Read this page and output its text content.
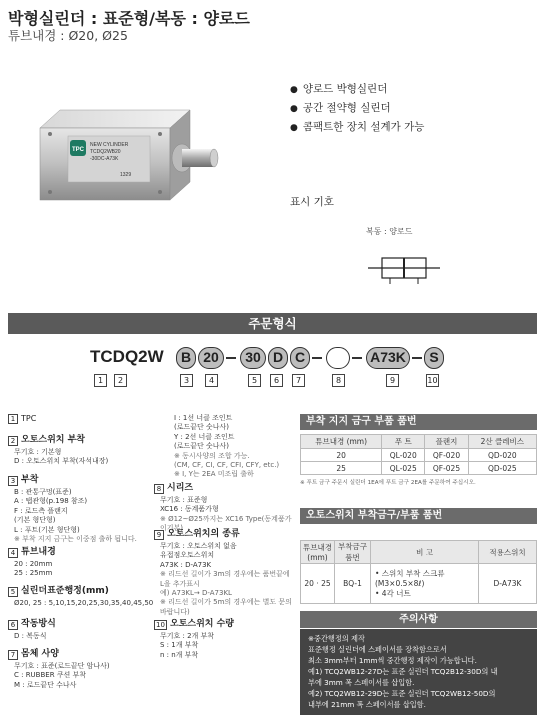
박형실린더 : 표준형/복동 : 양로드
튜브내경 : Ø20, Ø25
TPC
NEW CYLINDER
TCDQ2WB20
-30DC-A73K
1329
● 양로드 박형실린더
● 공간 절약형 실린더
● 콤팩트한 장치 설계가 가능
표시 기호
복동 : 양로드
주문형식
TCDQ2W	B 20	30 D C	A73K	S
1	2	3	4	5	6	7	8	9	10
1 TPC
2 오토스위치 부착
무기호 : 기본형
D : 오토스위치 부착(자석내장)
3 부착
B : 관통구멍(표준)
A : 탭관형(p.198 참조)
F : 로드측 플랜지
(기본 형단형)
L : 푸트(기본 형단형)
※ 부착 지지 금구는 이중점 출하 됩니다.
4 튜브내경
20 : 20mm
25 : 25mm
5 실린더표준행정(mm)
Ø20, 25 : 5,10,15,20,25,30,35,40,45,50
6 작동방식
D : 복동식
7 몸체 사양
무기호 : 표준(로드끝단 암나사)
C : RUBBER 쿠션 부착
M : 로드끝단 수나사
I : 1선 너클 조인트
(로드끝단 숫나사)
Y : 2선 너클 조인트
(로드끝단 숫나사)
※ 동시사양의 조합 가능.
(CM, CF, CI, CF, CFI, CFY, etc.)
※ I, Y는 2EA 미조립 출하
8 시리즈
무기호 : 표준형
XC16 : 동계품가형
※ Ø12~Ø25까지는 XC16 Type(동계품가이기본)
9 오토스위치의 종류
무기호 : 오토스위치 없음
유접점오토스위치
A73K : D-A73K
※ 리드선 길이가 3m의 경우에는 품번끝에
L을 추가표시
예) A73KL→ D-A73KL
※ 리드선 길이가 5m의 경우에는 별도 문의
바랍니다)
10 오토스위치 수량
무기호 : 2개 부착
S : 1개 부착
n : n개 부착
부착 지지 금구 부품 품번
튜브내경 (mm)	푸 트	플랜지	2산 클레비스
20	QL-020	QF-020	QD-020
25	QL-025	QF-025	QD-025
※ 푸트 금구 주문시 실린더 1EA에 푸트 금구 2EA를 주문하여 주십시오.
오토스위치 부착금구/부품 품번
튜브내경 (mm)	부착금구 품번	비 고	적용스위치
20 · 25	BQ-1	• 스위치 부착 스크류
(M3×0.5×8ℓ)
• 4각 너트	D-A73K
주의사항
※중간행정의 제작
표준행정 실린더에 스페이서를 장착함으로서
최소 3mm부터 1mm씩 중간행정 제작이 가능합니다.
예1) TCQ2WB12-27D는 표준 실린더 TCQ2B12-30D의 내
부에 3mm 폭 스페이서를 삽입함.
예2) TCQ2WB12-29D는 표준 실린더 TCQ2WB12-50D의
내부에 21mm 폭 스페이서를 삽입함.
